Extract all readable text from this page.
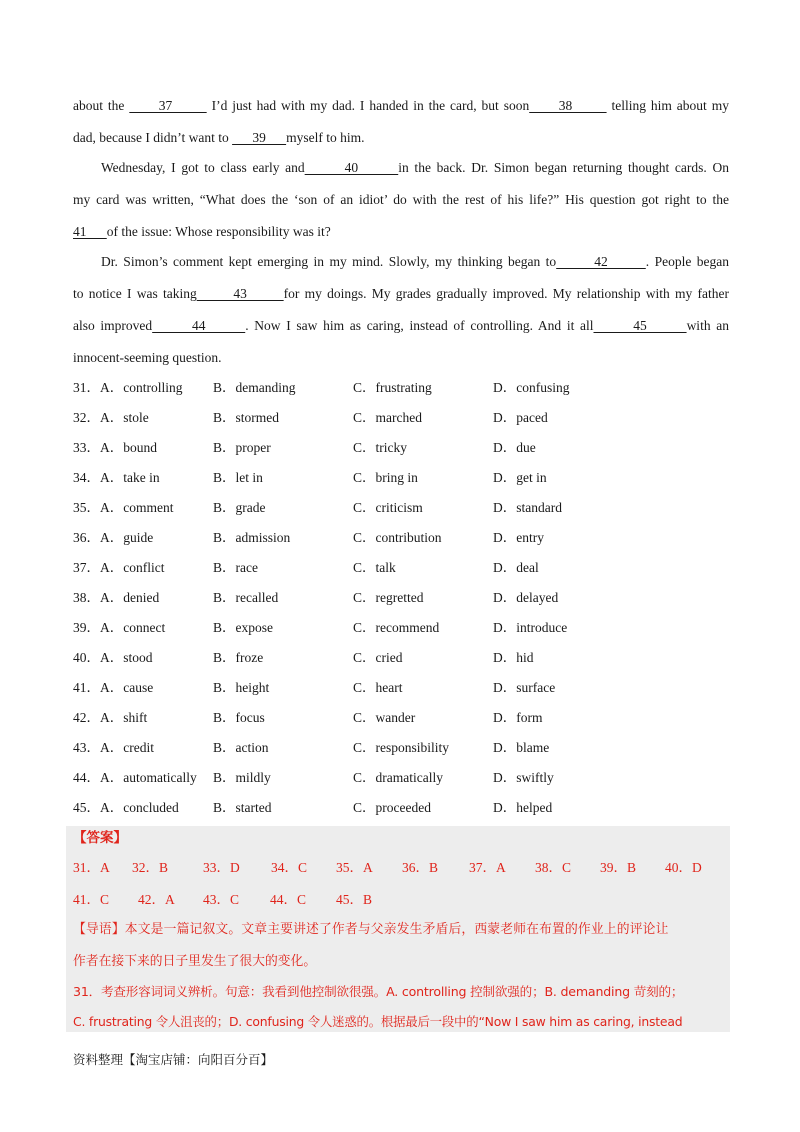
about the       37        I’d just had with my dad. I handed in the card, but soon      38        telling him about my
dad, because I didn’t want to       39      myself to him.
Wednesday, I got to class early and       40       in the back. Dr. Simon began returning thought cards. On
my card was written, “What does the ‘son of an idiot’ do with the rest of his life?” His question got right to the
41      of the issue: Whose responsibility was it?
Dr. Simon’s comment kept emerging in my mind. Slowly, my thinking began to       42       . People began
to notice I was taking       43       for my doings. My grades gradually improved. My relationship with my father
also improved       44       . Now I saw him as caring, instead of controlling. And it all       45       with an
innocent-seeming question.
31．A．controlling B．demanding	C．frustrating	D．confusing
32．A．stole	B．stormed	C．marched	D．paced
33．A．bound	B．proper	C．tricky	D．due
34．A．take in	B．let in	C．bring in	D．get in
35．A．comment	B．grade	C．criticism	D．standard
36．A．guide	B．admission	C．contribution	D．entry
37．A．conflict	B．race	C．talk	D．deal
38．A．denied	B．recalled	C．regretted	D．delayed
39．A．connect	B．expose	C．recommend	D．introduce
40．A．stood	B．froze	C．cried	D．hid
41．A．cause	B．height	C．heart	D．surface
42．A．shift	B．focus	C．wander	D．form
43．A．credit	B．action	C．responsibility	D．blame
44．A．automatically B．mildly	C．dramatically	D．swiftly
45．A．concluded	B．started	C．proceeded	D．helped
【答案】
31．A 32．B	33．D 34．C 35．A 36．B 37．A 38．C 39．B 40．D
41．C 42．A 43．C 44．C 45．B
【导语】本文是一篇记叙文。文章主要讲述了作者与父亲发生矛盾后，西蒙老师在布置的作业上的评论让
作者在接下来的日子里发生了很大的变化。
31．考查形容词词义辨析。句意：我看到他控制欲很强。A. controlling 控制欲强的；B. demanding 苛刻的；
C. frustrating 令人沮丧的；D. confusing 令人迷惑的。根据最后一段中的“Now I saw him as caring, instead
资料整理【淘宝店铺：向阳百分百】
